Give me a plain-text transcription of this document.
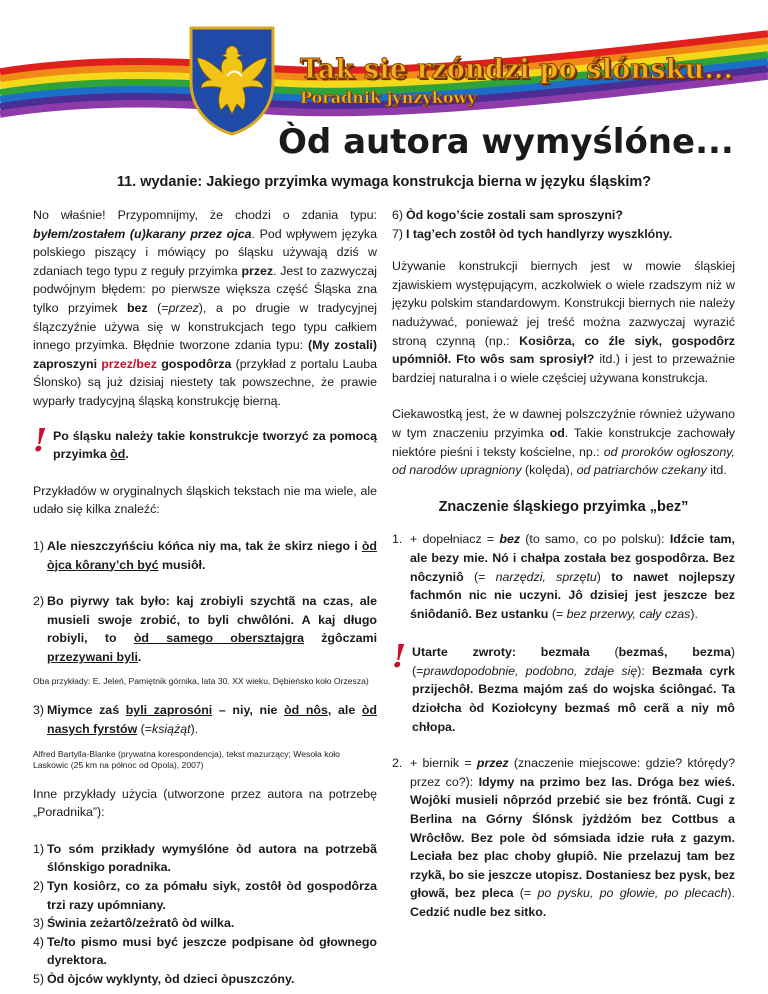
Tak sie rzóndzi po ślónsku...
Poradnik jynzykowy
Òd autora wymyślóne...

11. wydanie: Jakiego przyimka wymaga konstrukcja bierna w języku śląskim?

No właśnie! Przypomnijmy, że chodzi o zdania typu: byłem/zostałem (u)karany przez ojca. Pod wpływem języka polskiego piszący i mówiący po śląsku używają dziś w zdaniach tego typu z reguły przyimka przez. Jest to zazwyczaj podwójnym błędem: po pierwsze większa część Śląska zna tylko przyimek bez (=przez), a po drugie w tradycyjnej ślązczyźnie używa się w konstrukcjach tego typu całkiem innego przyimka. Błędnie tworzone zdania typu: (My zostali) zaproszyni przez/bez gospodôrza (przykład z portalu Lauba Ślonsko) są już dzisiaj niestety tak powszechne, że prawie wyparły tradycyjną śląską konstrukcję bierną.

! Po śląsku należy takie konstrukcje tworzyć za pomocą przyimka òd.

Przykładów w oryginalnych śląskich tekstach nie ma wiele, ale udało się kilka znaleźć:

1) Ale nieszczyńściu kóńca niy ma, tak że skirz niego i òd òjca kôrany’ch być musiôł.

2) Bo piyrwy tak było: kaj zrobiyli szychtã na czas, ale musieli swoje zrobić, to byli chwôlóni. A kaj długo robiyli, to òd samego obersztajgra żgôczami przezywani byli.

Oba przykłady: E. Jeleń, Pamiętnik górnika, lata 30. XX wieku, Dębieńsko koło Orzesza)

3) Miymce zaś byli zaprosóni – niy, nie òd nôs, ale òd nasych fyrstów (=książąt).

Alfred Bartylla-Blanke (prywatna korespondencja), tekst mazurzący; Wesoła koło Laskowic (25 km na północ od Opola), 2007)

Inne przykłady użycia (utworzone przez autora na potrzebę „Poradnika”):

1) To sóm przikłady wymyślóne òd autora na potrzebã ślónskigo poradnika.

2) Tyn kosiôrz, co za pómału siyk, zostôł òd gospodôrza trzi razy upómniany.

3) Świnia zeżartô/zeżratô òd wilka.

4) Te/to pismo musi być jeszcze podpisane òd głownego dyrektora.

5) Òd òjców wyklynty, òd dzieci òpuszczóny.

6) Òd kogo’ście zostali sam sproszyni?

7) I tag’ech zostôł òd tych handlyrzy wyszklóny.

Używanie konstrukcji biernych jest w mowie śląskiej zjawiskiem występującym, aczkolwiek o wiele rzadszym niż w języku polskim standardowym. Konstrukcji biernych nie należy nadużywać, ponieważ jej treść można zazwyczaj wyrazić stroną czynną (np.: Kosiôrza, co źle siyk, gospodôrz upómniôł. Fto wôs sam sprosiył? itd.) i jest to przeważnie bardziej naturalna i o wiele częściej używana konstrukcja.

Ciekawostką jest, że w dawnej polszczyźnie również używano w tym znaczeniu przyimka od. Takie konstrukcje zachowały niektóre pieśni i teksty kościelne, np.: od proroków ogłoszony, od narodów upragniony (kolęda), od patriarchów czekany itd.

Znaczenie śląskiego przyimka „bez”

1. + dopełniacz = bez (to samo, co po polsku): Idźcie tam, ale bezy mie. Nó i chałpa została bez gospodôrza. Bez nôczyniô (= narzędzi, sprzętu) to nawet nojlepszy fachmón nic nie uczyni. Jô dzisiej jest jeszcze bez śniôdaniô. Bez ustanku (= bez przerwy, cały czas).

! Utarte zwroty: bezmała (bezmaś, bezma) (=prawdopodobnie, podobno, zdaje się): Bezmała cyrk przijechôł. Bezma majóm zaś do wojska ściôngać. Ta dziołcha òd Koziołcyny bezmaś mô cerã a niy mô chłopa.

2. + biernik = przez (znaczenie miejscowe: gdzie? którędy? przez co?): Idymy na przimo bez las. Dróga bez wieś. Wojôki musieli nôprzód przebić sie bez fróntã. Cugi z Berlina na Górny Ślónsk jyżdżóm bez Cottbus a Wrôcłôw. Bez pole òd sómsiada idzie ruła z gazym. Leciała bez plac choby głupiô. Nie przelazuj tam bez rzykã, bo sie jeszcze utopisz. Dostaniesz bez pysk, bez głowã, bez pleca (= po pysku, po głowie, po plecach). Cedzić nudle bez sitko.
